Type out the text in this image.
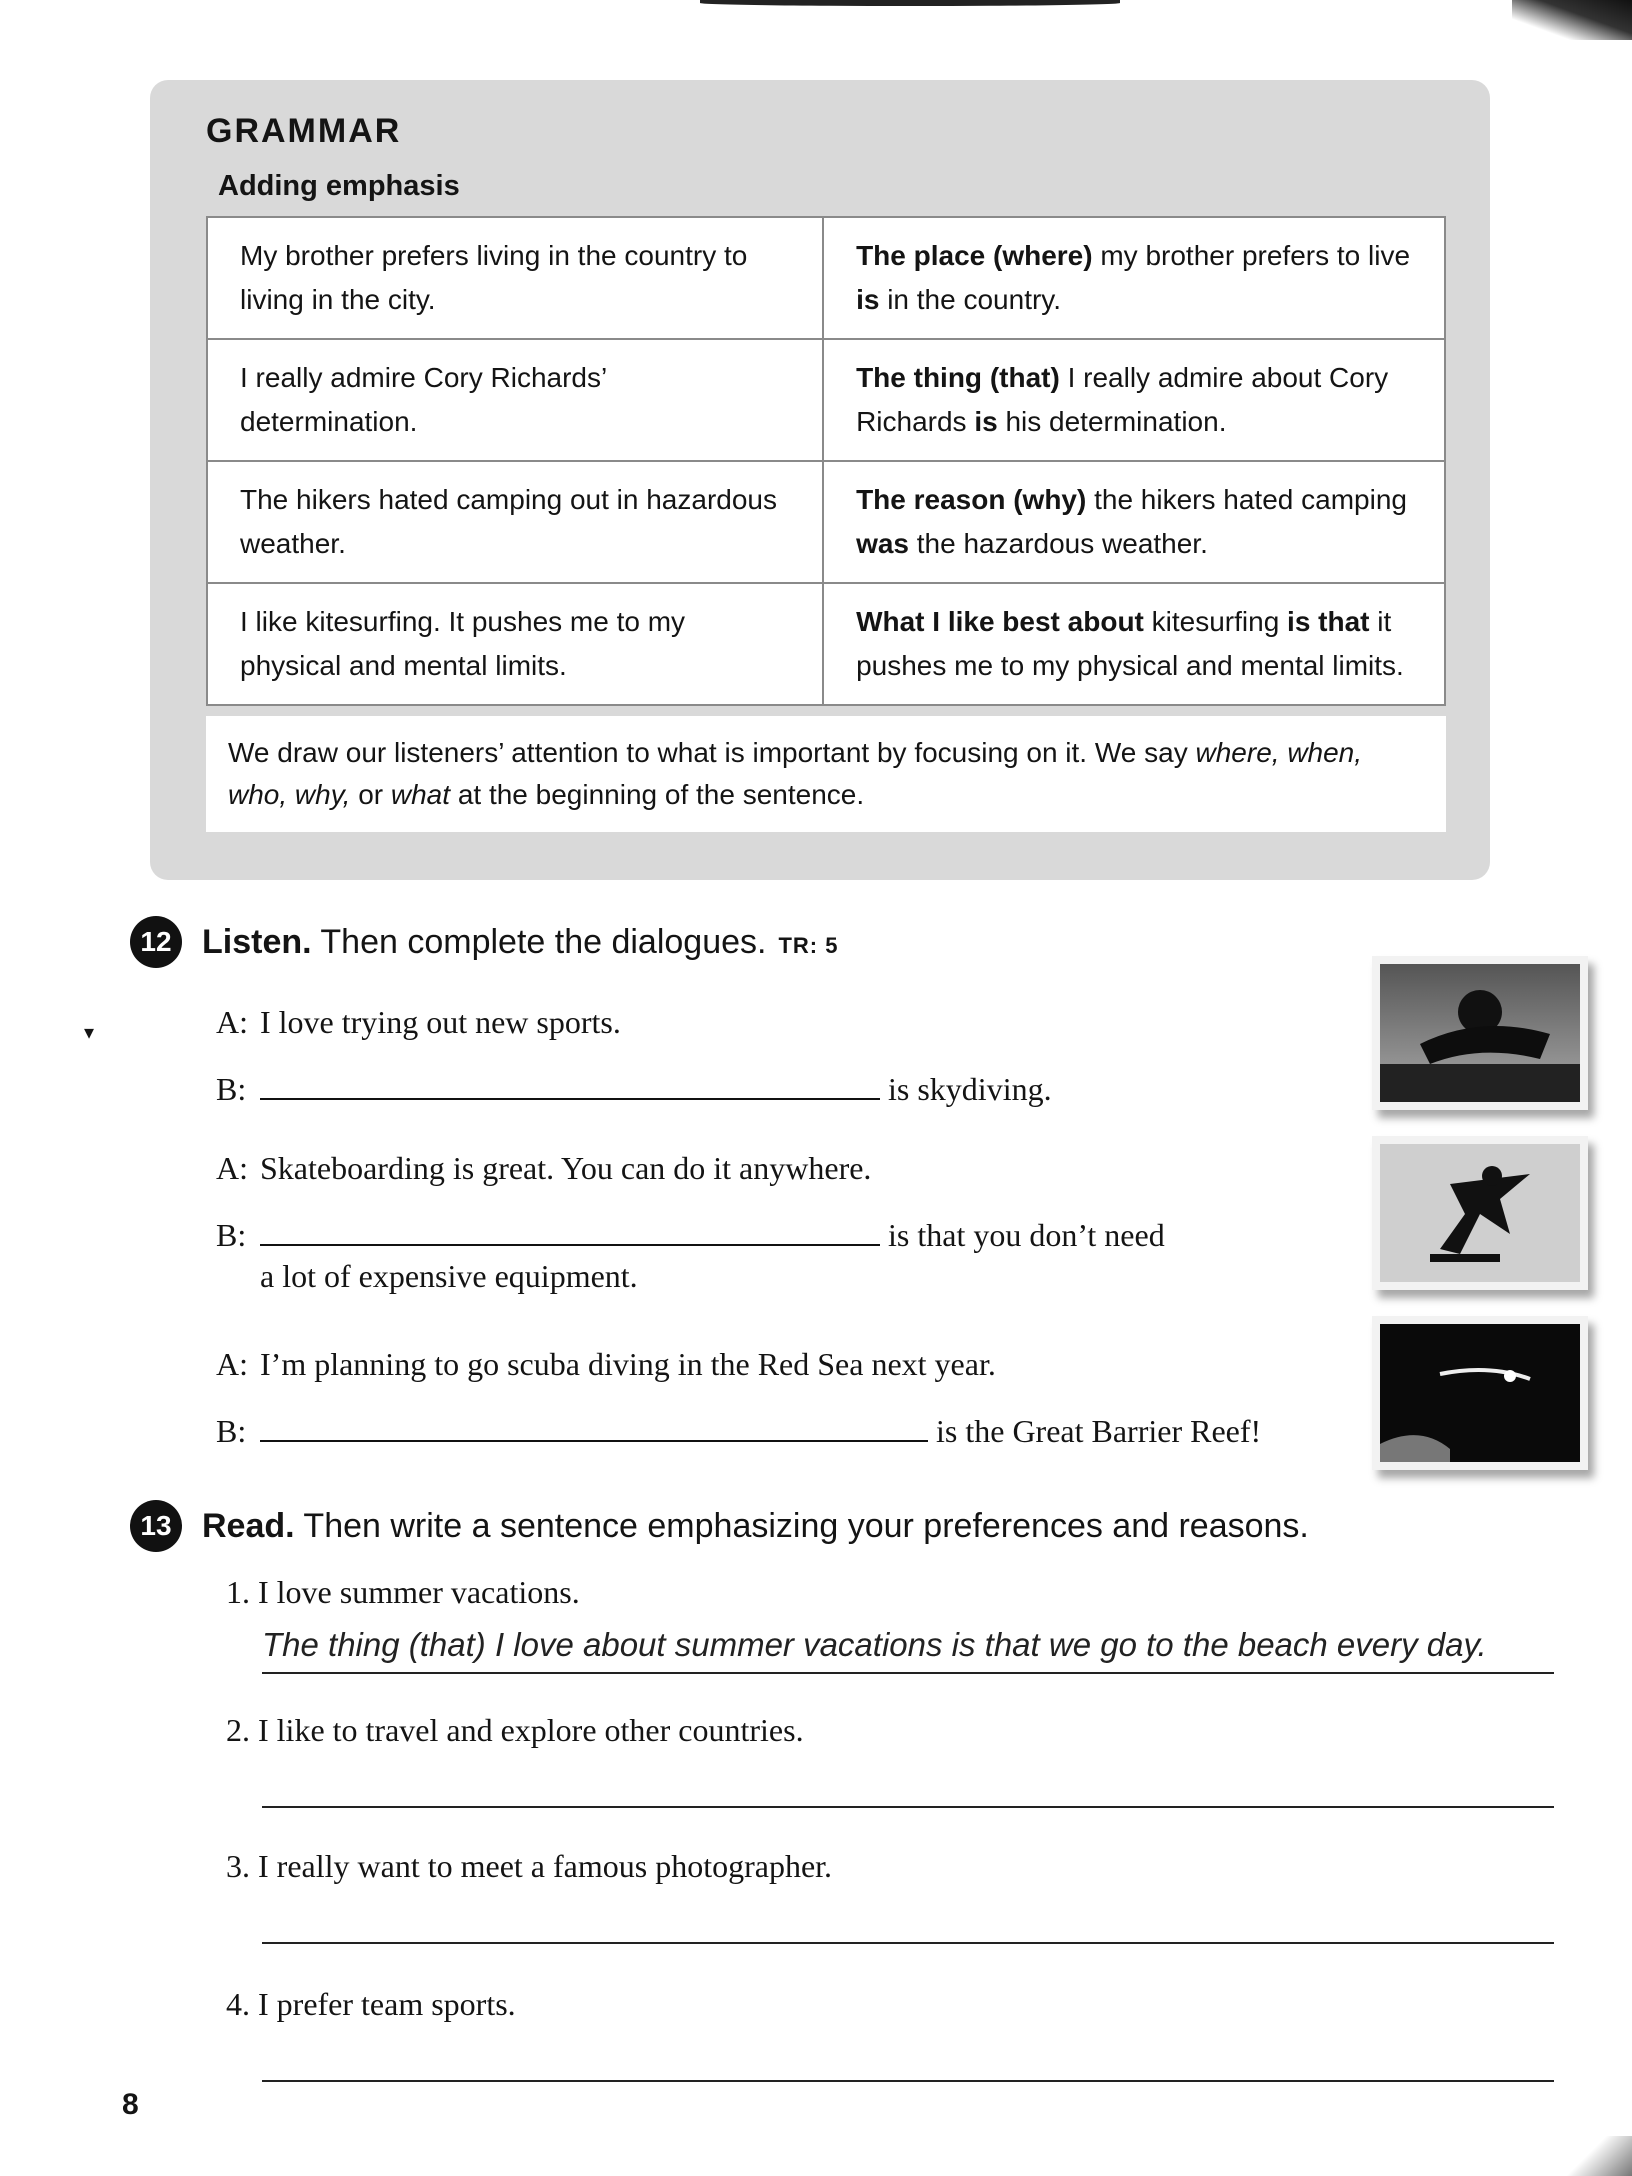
▾
GRAMMAR
Adding emphasis
My brother prefers living in the country to living in the city.	The place (where) my brother prefers to live is in the country.
I really admire Cory Richards’ determination.	The thing (that) I really admire about Cory Richards is his determination.
The hikers hated camping out in hazardous weather.	The reason (why) the hikers hated camping was the hazardous weather.
I like kitesurfing. It pushes me to my physical and mental limits.	What I like best about kitesurfing is that it pushes me to my physical and mental limits.
We draw our listeners’ attention to what is important by focusing on it. We say where, when, who, why, or what at the beginning of the sentence.
12 Listen. Then complete the dialogues. TR: 5
A: I love trying out new sports.
B:	is skydiving.
A: Skateboarding is great. You can do it anywhere.
B:	is that you don’t need
a lot of expensive equipment.
A: I’m planning to go scuba diving in the Red Sea next year.
B:	is the Great Barrier Reef!
13 Read. Then write a sentence emphasizing your preferences and reasons.
1. I love summer vacations.
The thing (that) I love about summer vacations is that we go to the beach every day.
2. I like to travel and explore other countries.
3. I really want to meet a famous photographer.
4. I prefer team sports.
8
